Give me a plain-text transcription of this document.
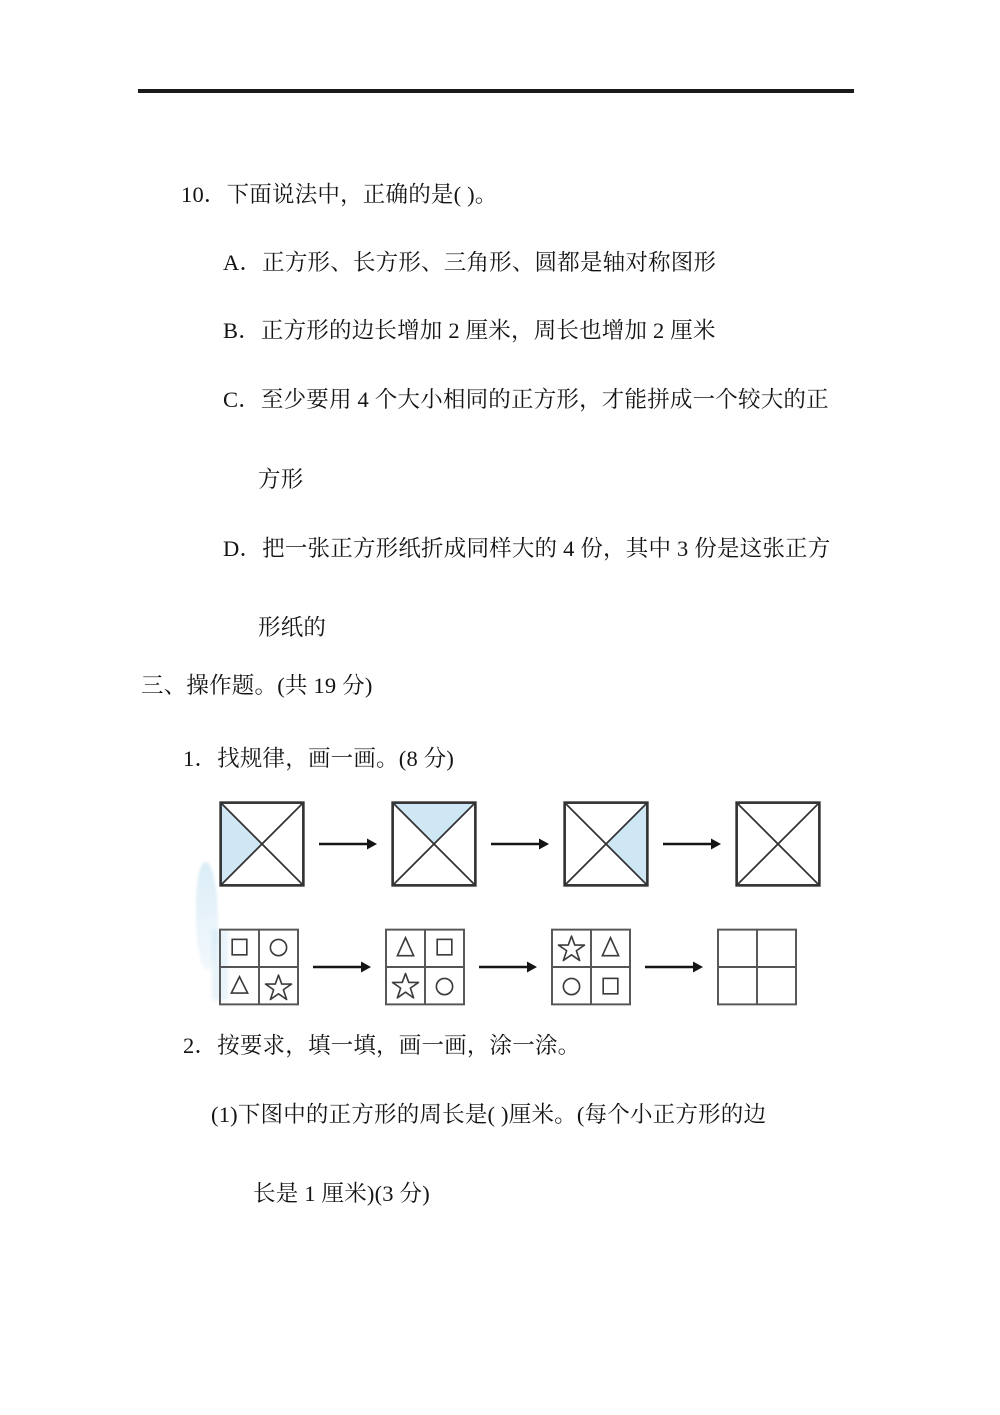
10．下面说法中，正确的是( )。
A．正方形、长方形、三角形、圆都是轴对称图形
B．正方形的边长增加 2 厘米，周长也增加 2 厘米
C．至少要用 4 个大小相同的正方形，才能拼成一个较大的正
方形
D．把一张正方形纸折成同样大的 4 份，其中 3 份是这张正方
形纸的
三、操作题。(共 19 分)
1．找规律，画一画。(8 分)
2．按要求，填一填，画一画，涂一涂。
(1)下图中的正方形的周长是( )厘米。(每个小正方形的边
长是 1 厘米)(3 分)
